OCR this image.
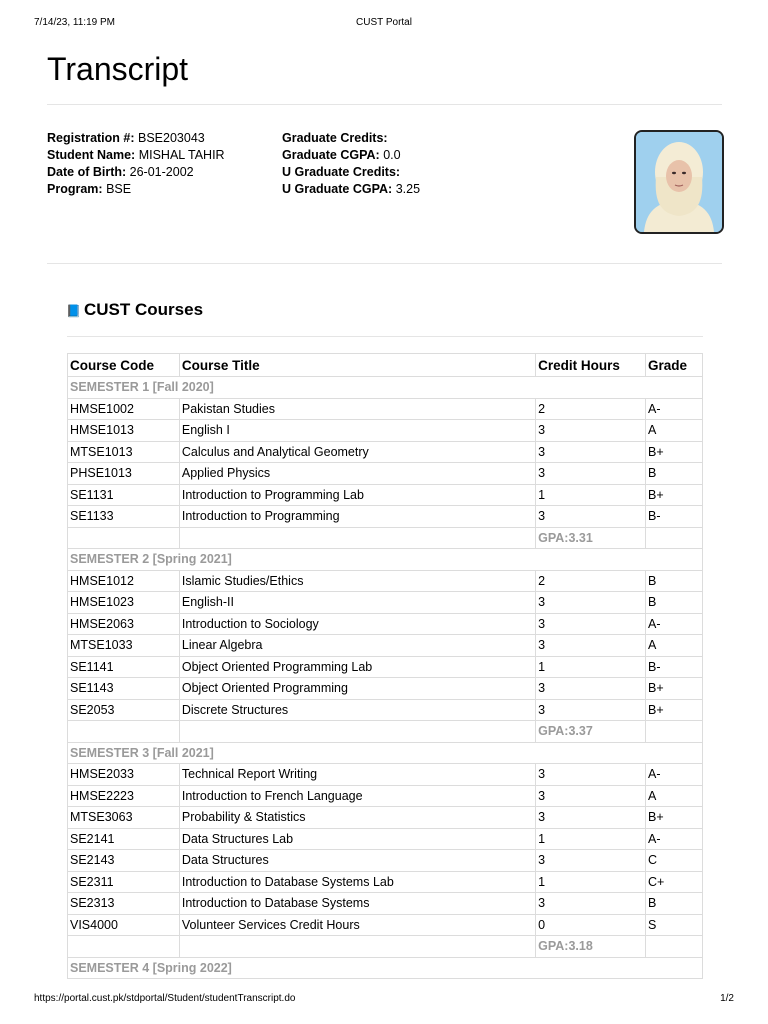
7/14/23, 11:19 PM	CUST Portal
Transcript
Registration #: BSE203043
Student Name: MISHAL TAHIR
Date of Birth: 26-01-2002
Program: BSE
Graduate Credits:
Graduate CGPA: 0.0
U Graduate Credits:
U Graduate CGPA: 3.25
📘 CUST Courses
Course Code	Course Title	Credit Hours	Grade
SEMESTER 1 [Fall 2020]			
HMSE1002	Pakistan Studies	2	A-
HMSE1013	English I	3	A
MTSE1013	Calculus and Analytical Geometry	3	B+
PHSE1013	Applied Physics	3	B
SE1131	Introduction to Programming Lab	1	B+
SE1133	Introduction to Programming	3	B-
		GPA:3.31	
SEMESTER 2 [Spring 2021]			
HMSE1012	Islamic Studies/Ethics	2	B
HMSE1023	English-II	3	B
HMSE2063	Introduction to Sociology	3	A-
MTSE1033	Linear Algebra	3	A
SE1141	Object Oriented Programming Lab	1	B-
SE1143	Object Oriented Programming	3	B+
SE2053	Discrete Structures	3	B+
		GPA:3.37	
SEMESTER 3 [Fall 2021]			
HMSE2033	Technical Report Writing	3	A-
HMSE2223	Introduction to French Language	3	A
MTSE3063	Probability & Statistics	3	B+
SE2141	Data Structures Lab	1	A-
SE2143	Data Structures	3	C
SE2311	Introduction to Database Systems Lab	1	C+
SE2313	Introduction to Database Systems	3	B
VIS4000	Volunteer Services Credit Hours	0	S
		GPA:3.18	
SEMESTER 4 [Spring 2022]			
https://portal.cust.pk/stdportal/Student/studentTranscript.do	1/2
